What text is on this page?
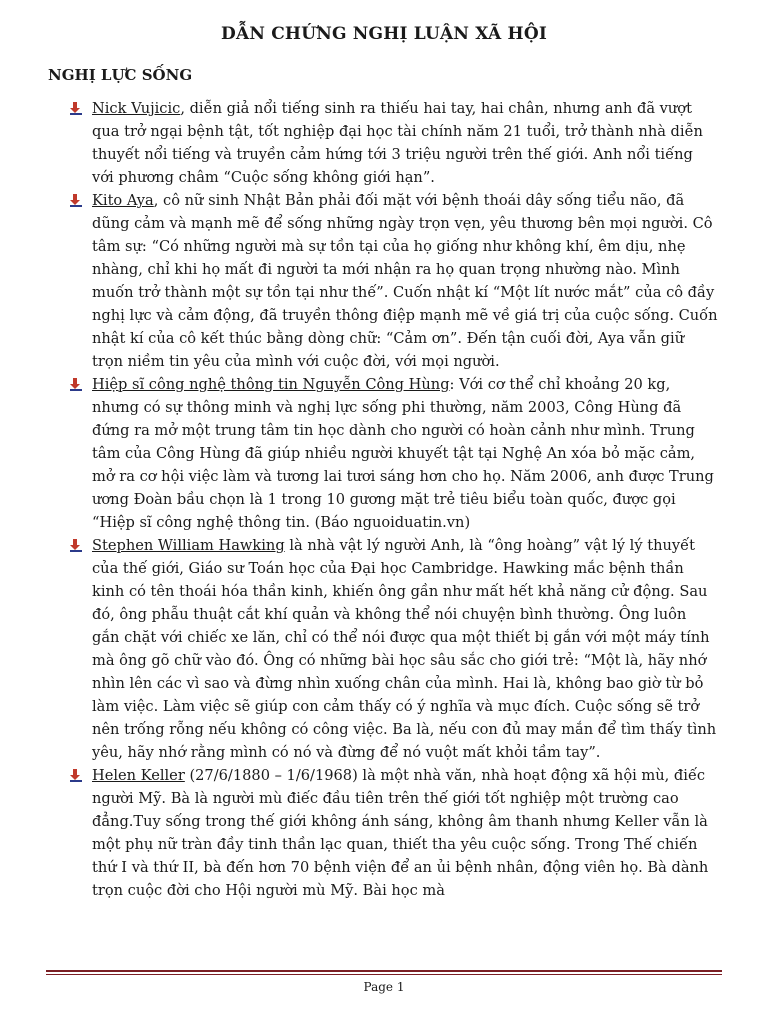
DẪN CHỨNG NGHỊ LUẬN XÃ HỘI
NGHỊ LỰC SỐNG

Nick Vujicic, diễn giả nổi tiếng sinh ra thiếu hai tay, hai chân, nhưng anh đã vượt qua trở ngại bệnh tật, tốt nghiệp đại học tài chính năm 21 tuổi, trở thành nhà diễn thuyết nổi tiếng và truyền cảm hứng tới 3 triệu người trên thế giới. Anh nổi tiếng với phương châm “Cuộc sống không giới hạn”.

Kito Aya, cô nữ sinh Nhật Bản phải đối mặt với bệnh thoái dây sống tiểu não, đã dũng cảm và mạnh mẽ để sống những ngày trọn vẹn, yêu thương bên mọi người. Cô tâm sự: “Có những người mà sự tồn tại của họ giống như không khí, êm dịu, nhẹ nhàng, chỉ khi họ mất đi người ta mới nhận ra họ quan trọng nhường nào. Mình muốn trở thành một sự tồn tại như thế”. Cuốn nhật kí “Một lít nước mắt” của cô đầy nghị lực và cảm động, đã truyền thông điệp mạnh mẽ về giá trị của cuộc sống. Cuốn nhật kí của cô kết thúc bằng dòng chữ: “Cảm ơn”. Đến tận cuối đời, Aya vẫn giữ trọn niềm tin yêu của mình với cuộc đời, với mọi người.

Hiệp sĩ công nghệ thông tin Nguyễn Công Hùng: Với cơ thể chỉ khoảng 20 kg, nhưng có sự thông minh và nghị lực sống phi thường, năm 2003, Công Hùng đã đứng ra mở một trung tâm tin học dành cho người có hoàn cảnh như mình. Trung tâm của Công Hùng đã giúp nhiều người khuyết tật tại Nghệ An xóa bỏ mặc cảm, mở ra cơ hội việc làm và tương lai tươi sáng hơn cho họ. Năm 2006, anh được Trung ương Đoàn bầu chọn là 1 trong 10 gương mặt trẻ tiêu biểu toàn quốc, được gọi “Hiệp sĩ công nghệ thông tin. (Báo nguoiduatin.vn)

Stephen William Hawking là nhà vật lý người Anh, là “ông hoàng” vật lý lý thuyết của thế giới, Giáo sư Toán học của Đại học Cambridge. Hawking mắc bệnh thần kinh có tên thoái hóa thần kinh, khiến ông gần như mất hết khả năng cử động. Sau đó, ông phẫu thuật cắt khí quản và không thể nói chuyện bình thường. Ông luôn gắn chặt với chiếc xe lăn, chỉ có thể nói được qua một thiết bị gắn với một máy tính mà ông gõ chữ vào đó. Ông có những bài học sâu sắc cho giới trẻ: “Một là, hãy nhớ nhìn lên các vì sao và đừng nhìn xuống chân của mình. Hai là, không bao giờ từ bỏ làm việc. Làm việc sẽ giúp con cảm thấy có ý nghĩa và mục đích. Cuộc sống sẽ trở nên trống rỗng nếu không có công việc. Ba là, nếu con đủ may mắn để tìm thấy tình yêu, hãy nhớ rằng mình có nó và đừng để nó vuột mất khỏi tầm tay”.

Helen Keller (27/6/1880 – 1/6/1968) là một nhà văn, nhà hoạt động xã hội mù, điếc người Mỹ. Bà là người mù điếc đầu tiên trên thế giới tốt nghiệp một trường cao đẳng.Tuy sống trong thế giới không ánh sáng, không âm thanh nhưng Keller vẫn là một phụ nữ tràn đầy tinh thần lạc quan, thiết tha yêu cuộc sống. Trong Thế chiến thứ I và thứ II, bà đến hơn 70 bệnh viện để an ủi bệnh nhân, động viên họ. Bà dành trọn cuộc đời cho Hội người mù Mỹ. Bài học mà

Page 1
